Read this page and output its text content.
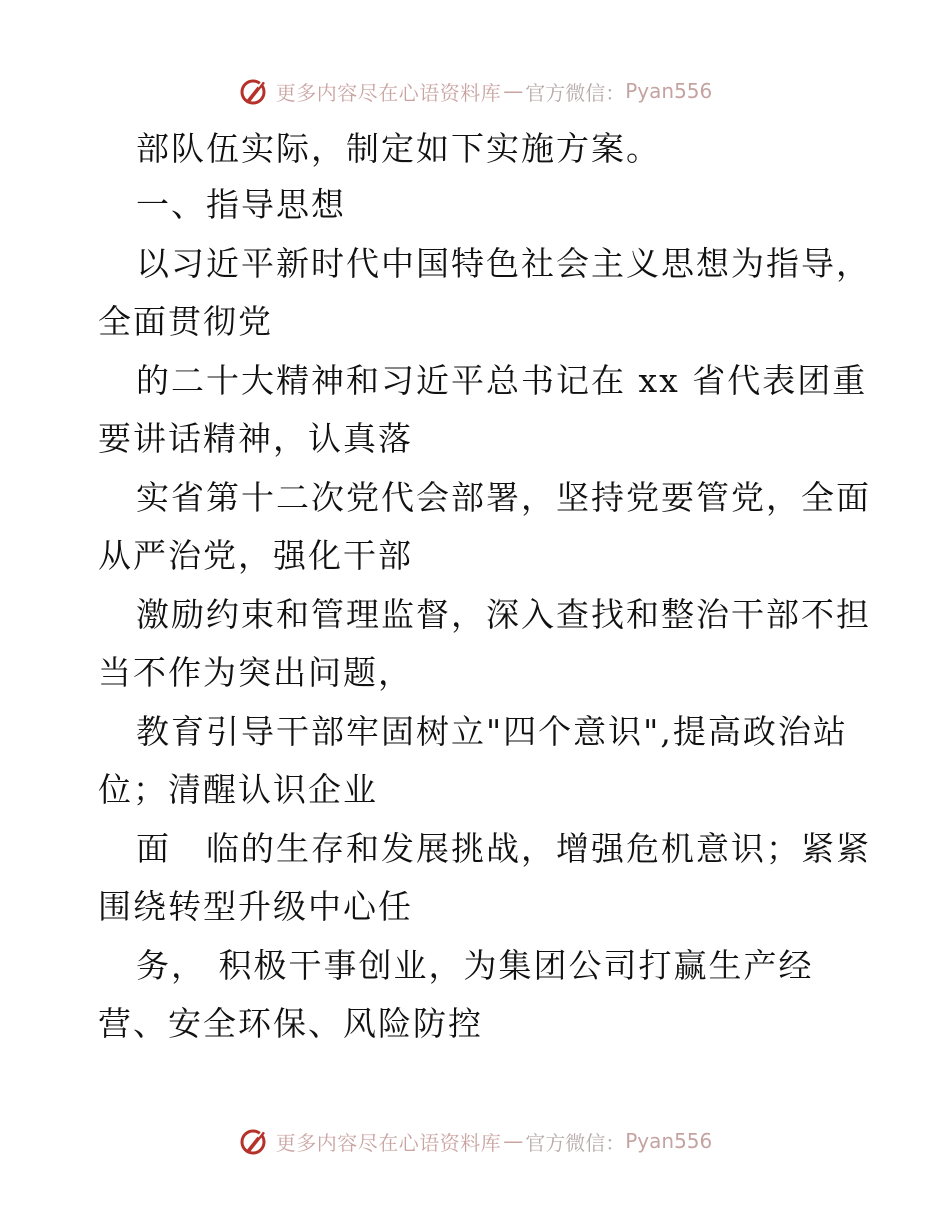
更多内容尽在心语资料库 — 官方微信： Pyan556
部队伍实际，制定如下实施方案。
一、指导思想
以习近平新时代中国特色社会主义思想为指导，
全面贯彻党
的二十大精神和习近平总书记在 xx 省代表团重
要讲话精神，认真落
实省第十二次党代会部署，坚持党要管党，全面
从严治党，强化干部
激励约束和管理监督，深入查找和整治干部不担
当不作为突出问题，
教育引导干部牢固树立"四个意识",提高政治站
位；清醒认识企业
面　临的生存和发展挑战，增强危机意识；紧紧
围绕转型升级中心任
务， 积极干事创业，为集团公司打赢生产经
营、安全环保、风险防控
更多内容尽在心语资料库 — 官方微信： Pyan556
